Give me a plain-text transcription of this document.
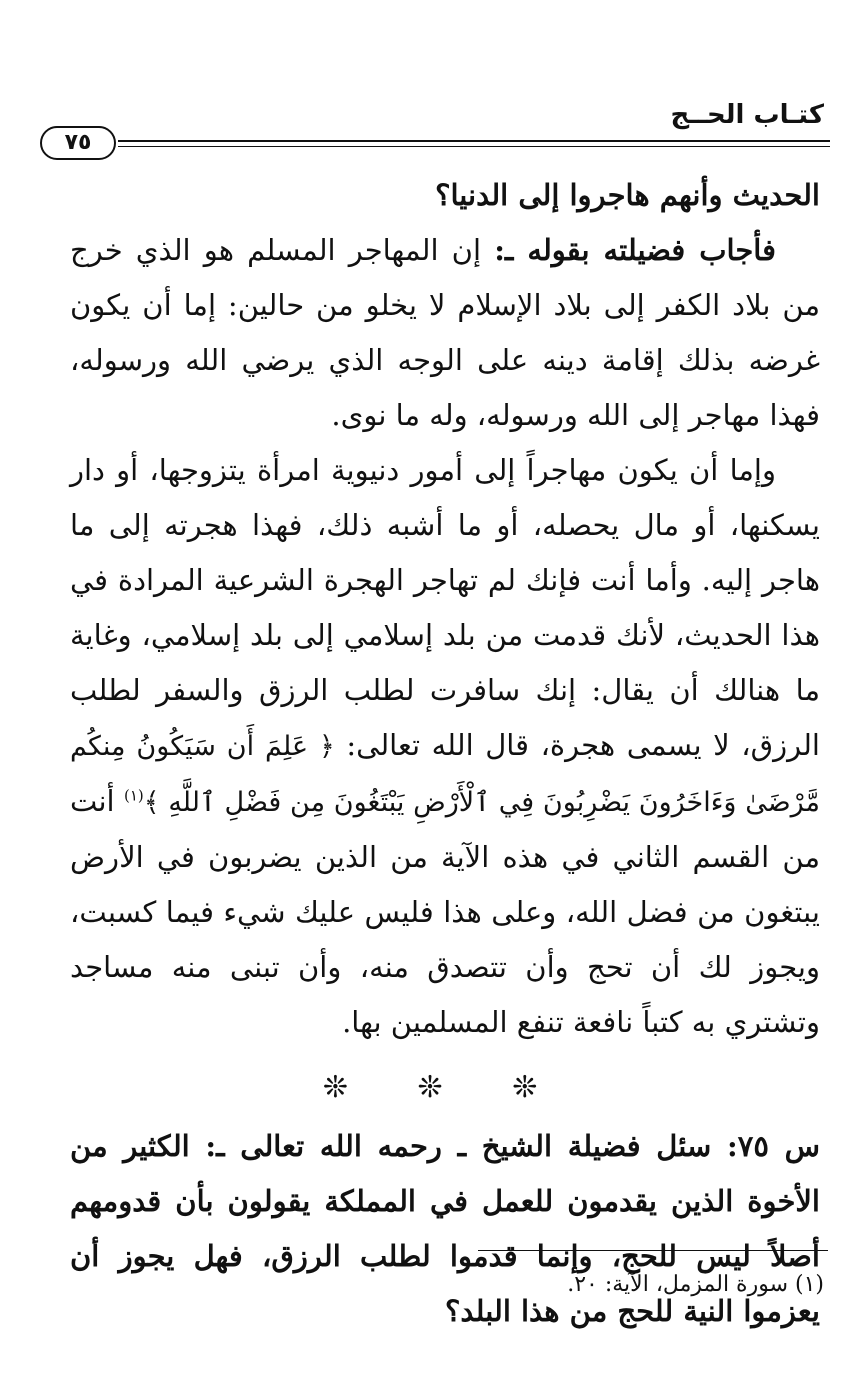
كتـاب الحــج
٧٥

الحديث وأنهم هاجروا إلى الدنيا؟

فأجاب فضيلته بقوله ـ: إن المهاجر المسلم هو الذي خرج من بلاد الكفر إلى بلاد الإسلام لا يخلو من حالين: إما أن يكون غرضه بذلك إقامة دينه على الوجه الذي يرضي الله ورسوله، فهذا مهاجر إلى الله ورسوله، وله ما نوى.

وإما أن يكون مهاجراً إلى أمور دنيوية امرأة يتزوجها، أو دار يسكنها، أو مال يحصله، أو ما أشبه ذلك، فهذا هجرته إلى ما هاجر إليه. وأما أنت فإنك لم تهاجر الهجرة الشرعية المرادة في هذا الحديث، لأنك قدمت من بلد إسلامي إلى بلد إسلامي، وغاية ما هنالك أن يقال: إنك سافرت لطلب الرزق والسفر لطلب الرزق، لا يسمى هجرة، قال الله تعالى: ﴿ عَلِمَ أَن سَيَكُونُ مِنكُم مَّرْضَىٰ وَءَاخَرُونَ يَضْرِبُونَ فِي ٱلْأَرْضِ يَبْتَغُونَ مِن فَضْلِ ٱللَّهِ ﴾$^{(١)}$ أنت من القسم الثاني في هذه الآية من الذين يضربون في الأرض يبتغون من فضل الله، وعلى هذا فليس عليك شيء فيما كسبت، ويجوز لك أن تحج وأن تتصدق منه، وأن تبنى منه مساجد وتشتري به كتباً نافعة تنفع المسلمين بها.

❊ ❊ ❊

س ٧٥: سئل فضيلة الشيخ ـ رحمه الله تعالى ـ: الكثير من الأخوة الذين يقدمون للعمل في المملكة يقولون بأن قدومهم أصلاً ليس للحج، وإنما قدموا لطلب الرزق، فهل يجوز أن يعزموا النية للحج من هذا البلد؟

(١) سورة المزمل، الآية: ٢٠.
